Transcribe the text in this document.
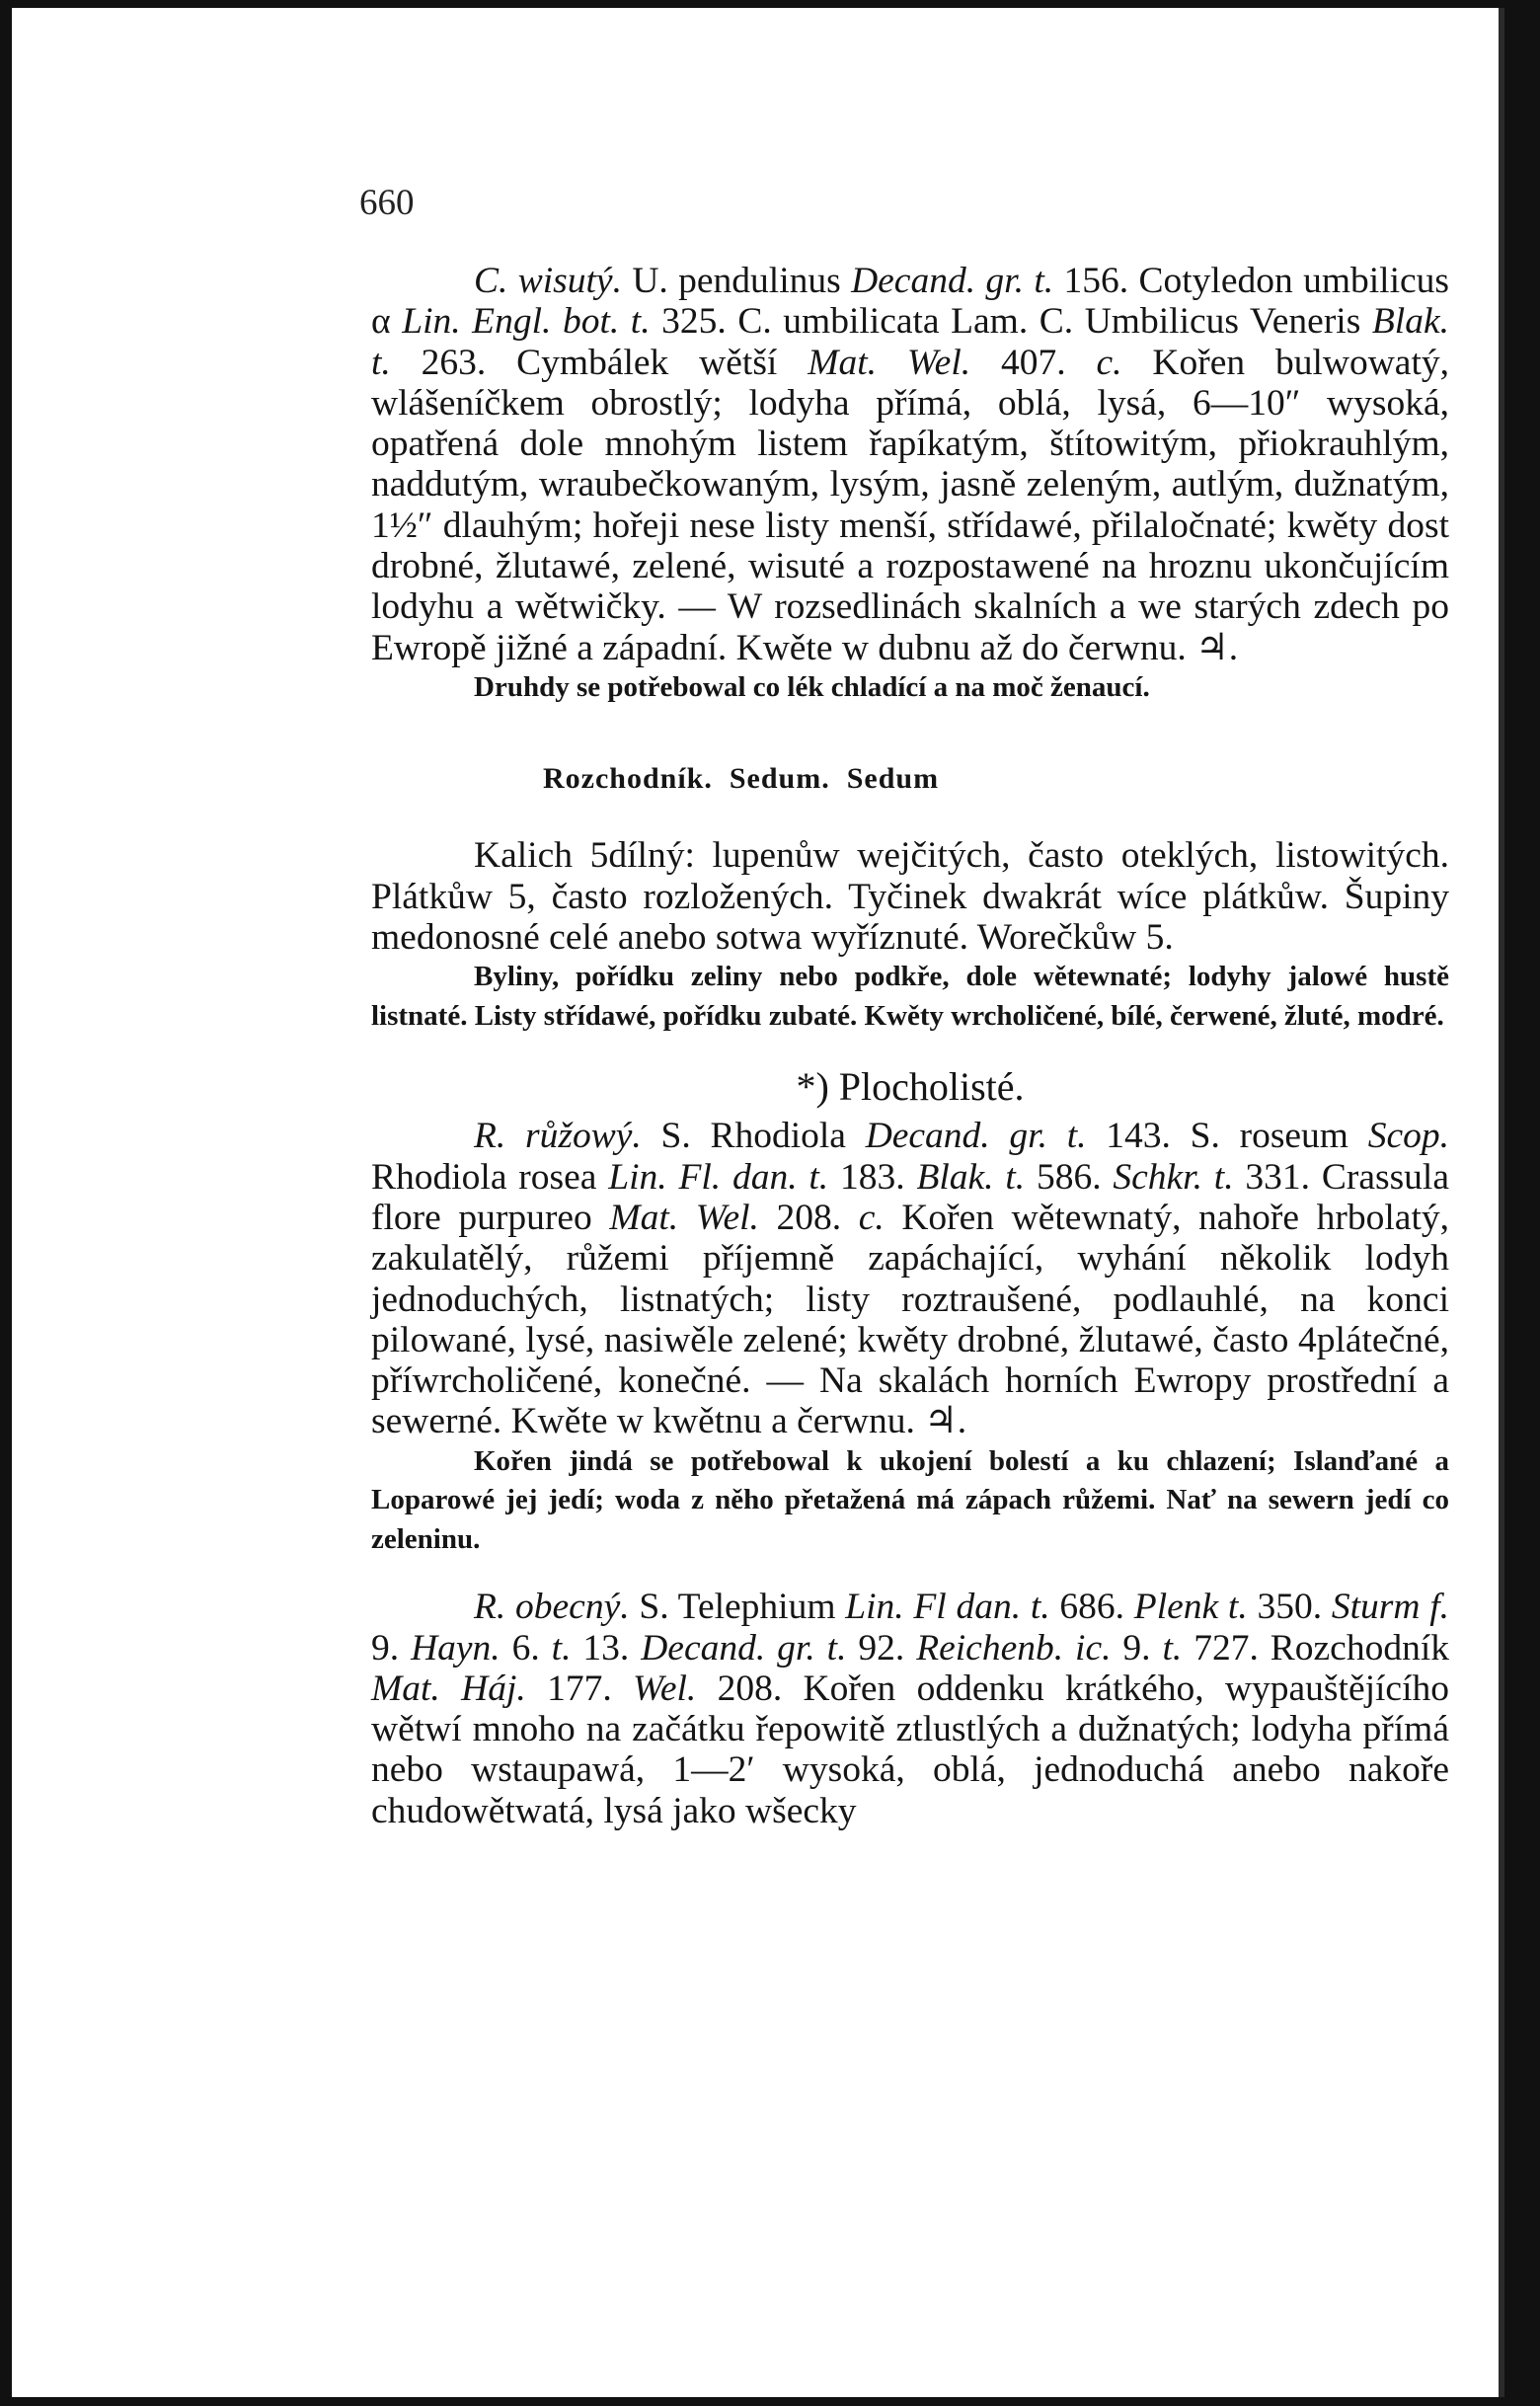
660

C. wisutý. U. pendulinus Decand. gr. t. 156. Cotyledon umbilicus α Lin. Engl. bot. t. 325. C. umbilicata Lam. C. Umbilicus Veneris Blak. t. 263. Cymbálek wětší Mat. Wel. 407. c. Kořen bulwowatý, wlášeníčkem obrostlý; lodyha přímá, oblá, lysá, 6—10″ wysoká, opatřená dole mnohým listem řapíkatým, štítowitým, přiokrauhlým, naddutým, wraubečkowaným, lysým, jasně zeleným, autlým, dužnatým, 1½″ dlauhým; hořeji nese listy menší, střídawé, přilaločnaté; kwěty dost drobné, žlutawé, zelené, wisuté a rozpostawené na hroznu ukončujícím lodyhu a wětwičky. — W rozsedlinách skalních a we starých zdech po Ewropě jižné a západní. Kwěte w dubnu až do čerwnu. ♃.

Druhdy se potřebowal co lék chladící a na moč ženaucí.

Rozchodník. Sedum. Sedum

Kalich 5dílný: lupenůw wejčitých, často oteklých, listowitých. Plátkůw 5, často rozložených. Tyčinek dwakrát wíce plátkůw. Šupiny medonosné celé anebo sotwa wyříznuté. Worečkůw 5.

Byliny, pořídku zeliny nebo podkře, dole wětewnaté; lodyhy jalowé hustě listnaté. Listy střídawé, pořídku zubaté. Kwěty wrcholičené, bílé, čerwené, žluté, modré.

*) Plocholisté.

R. růžowý. S. Rhodiola Decand. gr. t. 143. S. roseum Scop. Rhodiola rosea Lin. Fl. dan. t. 183. Blak. t. 586. Schkr. t. 331. Crassula flore purpureo Mat. Wel. 208. c. Kořen wětewnatý, nahoře hrbolatý, zakulatělý, růžemi příjemně zapáchající, wyhání několik lodyh jednoduchých, listnatých; listy roztraušené, podlauhlé, na konci pilowané, lysé, nasiwěle zelené; kwěty drobné, žlutawé, často 4plátečné, příwrcholičené, konečné. — Na skalách horních Ewropy prostřední a sewerné. Kwěte w kwětnu a čerwnu. ♃.

Kořen jindá se potřebowal k ukojení bolestí a ku chlazení; Islanďané a Loparowé jej jedí; woda z něho přetažená má zápach růžemi. Nať na sewern jedí co zeleninu.

R. obecný. S. Telephium Lin. Fl dan. t. 686. Plenk t. 350. Sturm f. 9. Hayn. 6. t. 13. Decand. gr. t. 92. Reichenb. ic. 9. t. 727. Rozchodník Mat. Háj. 177. Wel. 208. Kořen oddenku krátkého, wypauštějícího wětwí mnoho na začátku řepowitě ztlustlých a dužnatých; lodyha přímá nebo wstaupawá, 1—2′ wysoká, oblá, jednoduchá anebo nakoře chudowětwatá, lysá jako wšecky
